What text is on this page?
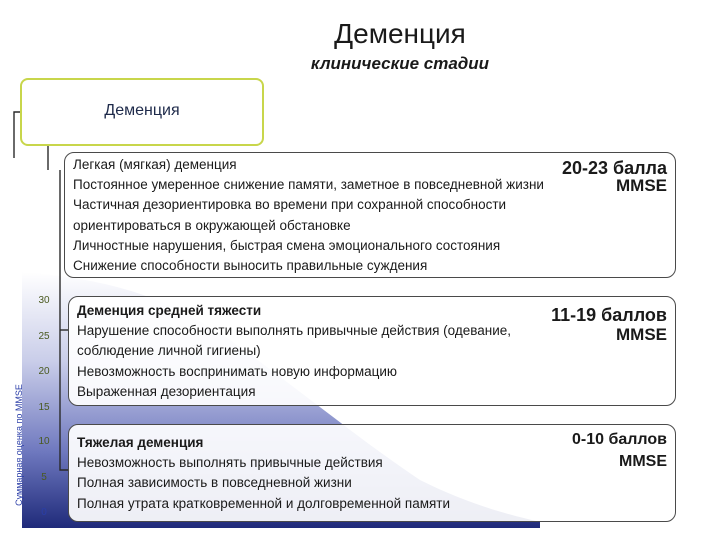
Деменция
клинические стадии
Деменция
Суммарная оценка по MMSE
30
25
20
15
10
5
0
Легкая (мягкая) деменция
Постоянное умеренное снижение памяти, заметное в повседневной жизни
Частичная дезориентировка во времени при сохранной способности
ориентироваться в окружающей обстановке
Личностные нарушения, быстрая смена эмоционального состояния
Снижение способности выносить правильные суждения
20-23 балла
MMSE
Деменция средней тяжести
Нарушение способности выполнять привычные действия (одевание,
соблюдение личной гигиены)
Невозможность воспринимать новую информацию
Выраженная дезориентация
11-19 баллов
MMSE
Тяжелая деменция
Невозможность выполнять привычные действия
Полная зависимость в повседневной жизни
Полная утрата кратковременной и долговременной памяти
0-10 баллов
MMSE
